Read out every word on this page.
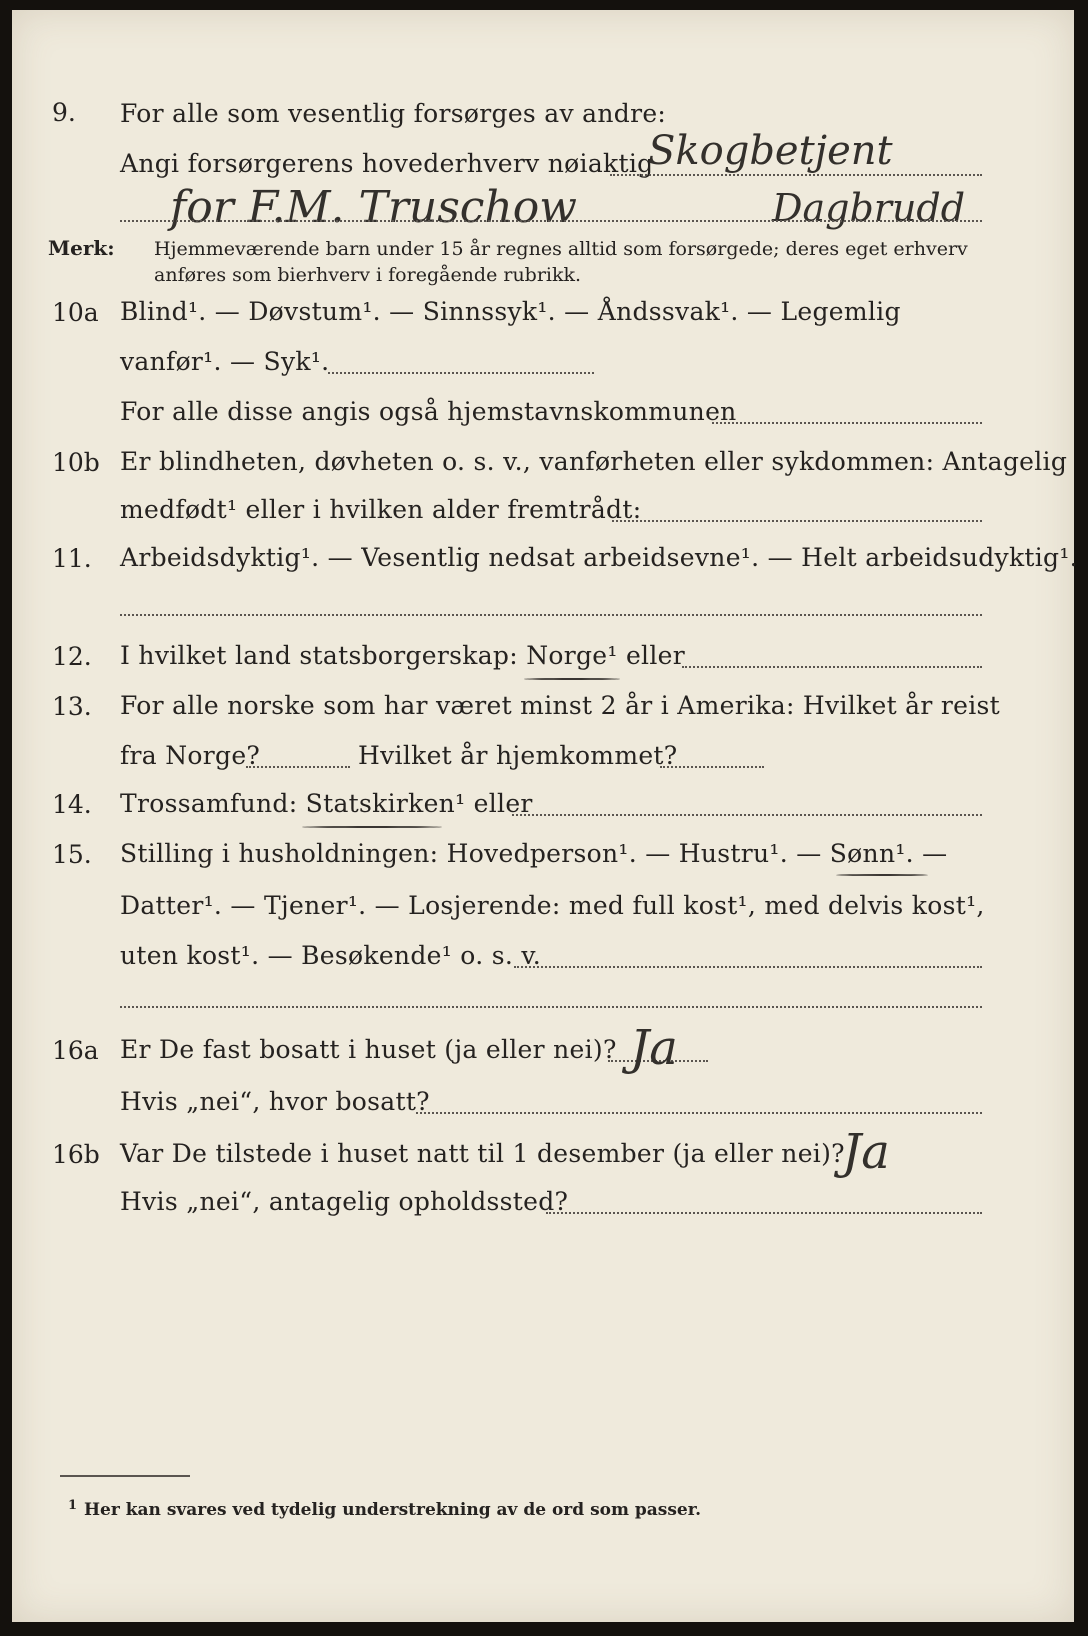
9. For alle som vesentlig forsørges av andre:
Angi forsørgerens hovederhverv nøiaktig
Skogbetjent
for F.M. Truschow	Dagbrudd
Merk: Hjemmeværende barn under 15 år regnes alltid som forsørgede; deres eget erhverv
anføres som bierhverv i foregående rubrikk.
10a Blind¹. — Døvstum¹. — Sinnssyk¹. — Åndssvak¹. — Legemlig
vanfør¹. — Syk¹.
For alle disse angis også hjemstavnskommunen
10b Er blindheten, døvheten o. s. v., vanførheten eller sykdommen: Antagelig
medfødt¹ eller i hvilken alder fremtrådt:
11. Arbeidsdyktig¹. — Vesentlig nedsat arbeidsevne¹. — Helt arbeidsudyktig¹.
12. I hvilket land statsborgerskap: Norge¹ eller
13. For alle norske som har været minst 2 år i Amerika: Hvilket år reist
fra Norge?	Hvilket år hjemkommet?
14. Trossamfund: Statskirken¹ eller
15. Stilling i husholdningen: Hovedperson¹. — Hustru¹. — Sønn¹. —
Datter¹. — Tjener¹. — Losjerende: med full kost¹, med delvis kost¹,
uten kost¹. — Besøkende¹ o. s. v.
16a Er De fast bosatt i huset (ja eller nei)? Ja
Hvis „nei“, hvor bosatt?
16b Var De tilstede i huset natt til 1 desember (ja eller nei)?
Ja
Hvis „nei“, antagelig opholdssted?
1 Her kan svares ved tydelig understrekning av de ord som passer.
